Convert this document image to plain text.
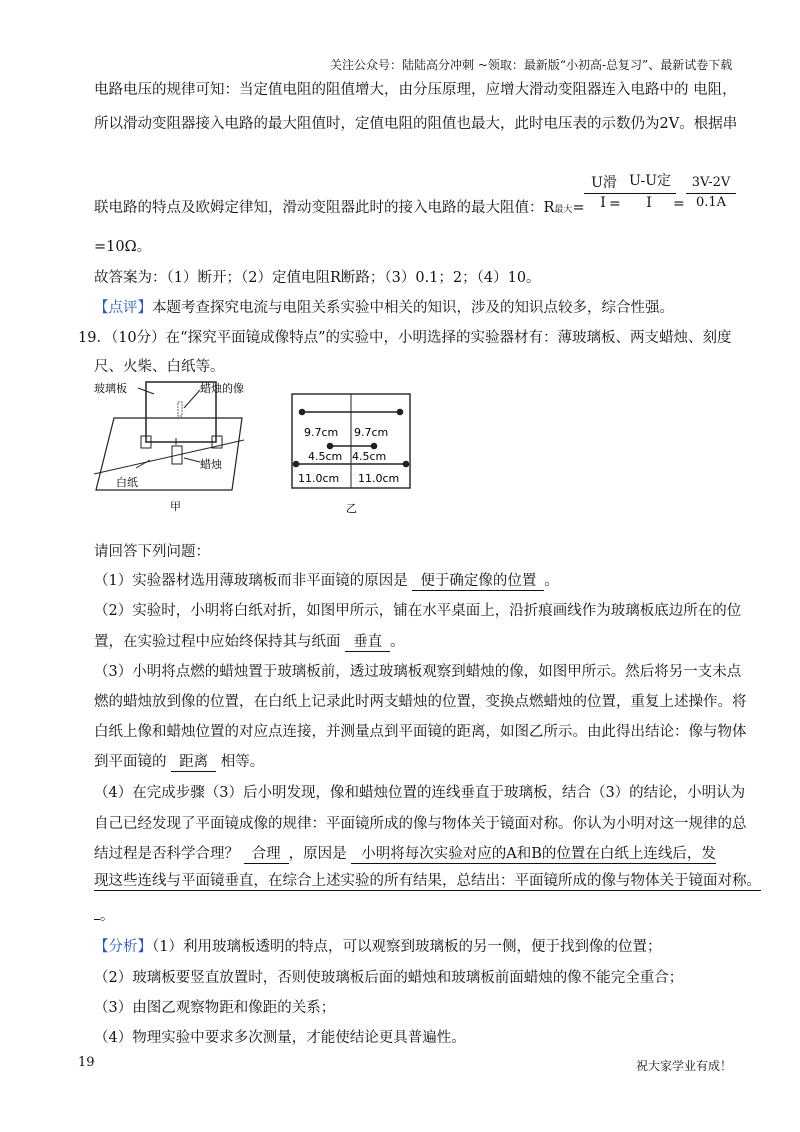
关注公众号：陆陆高分冲刺 ~领取：最新版“小初高-总复习”、最新试卷下载
电路电压的规律可知：当定值电阻的阻值增大，由分压原理，应增大滑动变阻器连入电路中的 电阻，
所以滑动变阻器接入电路的最大阻值时，定值电阻的阻值也最大，此时电压表的示数仍为2V。根据串
联电路的特点及欧姆定律知，滑动变阻器此时的接入电路的最大阻值：R最大=
U滑
I =
U-U定
I	=
3V-2V
0.1A
=10Ω。
故答案为：（1）断开；（2）定值电阻R断路；（3）0.1；2；（4）10。
【点评】本题考查探究电流与电阻关系实验中相关的知识，涉及的知识点较多，综合性强。
19．（10分）在“探究平面镜成像特点”的实验中，小明选择的实验器材有：薄玻璃板、两支蜡烛、刻度
尺、火柴、白纸等。
玻璃板	蜡烛的像
蜡烛
白纸
甲
9.7cm 9.7cm
4.5cm 4.5cm
11.0cm 11.0cm
乙
请回答下列问题：
（1）实验器材选用薄玻璃板而非平面镜的原因是 便于确定像的位置 。
（2）实验时，小明将白纸对折，如图甲所示，铺在水平桌面上，沿折痕画线作为玻璃板底边所在的位
置，在实验过程中应始终保持其与纸面 垂直 。
（3）小明将点燃的蜡烛置于玻璃板前，透过玻璃板观察到蜡烛的像，如图甲所示。然后将另一支未点
燃的蜡烛放到像的位置，在白纸上记录此时两支蜡烛的位置，变换点燃蜡烛的位置，重复上述操作。将
白纸上像和蜡烛位置的对应点连接，并测量点到平面镜的距离，如图乙所示。由此得出结论：像与物体
到平面镜的 距离 相等。
（4）在完成步骤（3）后小明发现，像和蜡烛位置的连线垂直于玻璃板，结合（3）的结论，小明认为
自己已经发现了平面镜成像的规律：平面镜所成的像与物体关于镜面对称。你认为小明对这一规律的总
结过程是否科学合理？ 合理 ，原因是 小明将每次实验对应的A和B的位置在白纸上连线后，发
现这些连线与平面镜垂直，在综合上述实验的所有结果，总结出：平面镜所成的像与物体关于镜面对称。
。
【分析】（1）利用玻璃板透明的特点，可以观察到玻璃板的另一侧，便于找到像的位置；
（2）玻璃板要竖直放置时，否则使玻璃板后面的蜡烛和玻璃板前面蜡烛的像不能完全重合；
（3）由图乙观察物距和像距的关系；
（4）物理实验中要求多次测量，才能使结论更具普遍性。
19	祝大家学业有成！
